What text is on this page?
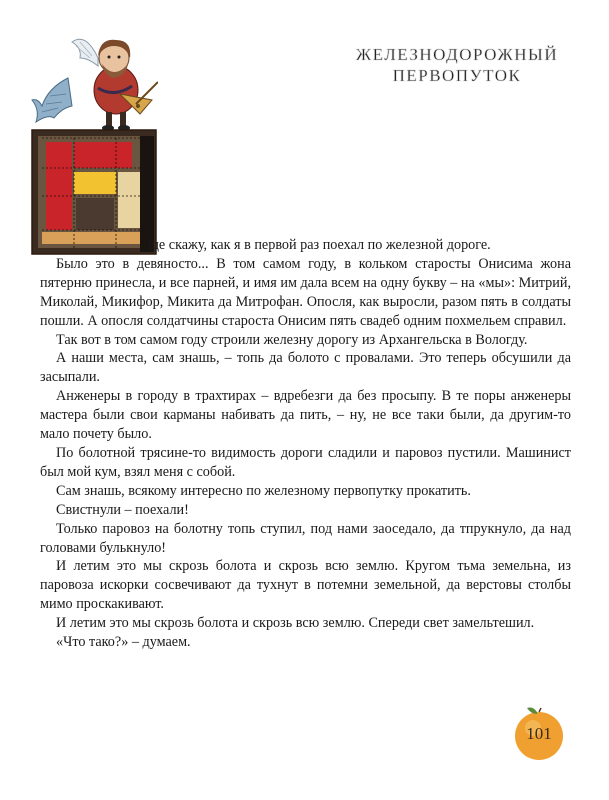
ЖЕЛЕЗНОДОРОЖНЫЙ
ПЕРВОПУТОК

ще скажу, как я в первой раз поехал по железной дороге.

Было это в девяносто... В том самом году, в кольком старосты Онисима жона пятерню принесла, и все парней, и имя им дала всем на одну букву – на «мы»: Митрий, Миколай, Микифор, Микита да Митрофан. Опосля, как выросли, разом пять в солдаты пошли. А опосля солдатчины староста Онисим пять свадеб одним похмельем справил.

Так вот в том самом году строили железну дорогу из Архангельска в Вологду.

А наши места, сам знашь, – топь да болото с провалами. Это теперь обсушили да засыпали.

Анженеры в городу в трахтирах – вдребезги да без просыпу. В те поры анженеры мастера были свои карманы набивать да пить, – ну, не все таки были, да другим-то мало почету было.

По болотной трясине-то видимость дороги сладили и паровоз пустили. Машинист был мой кум, взял меня с собой.

Сам знашь, всякому интересно по железному первопутку прокатить.

Свистнули – поехали!

Только паровоз на болотну топь ступил, под нами заоседало, да тпрукнуло, да над головами булькнуло!

И летим это мы скрозь болота и скрозь всю землю. Кругом тьма земельна, из паровоза искорки сосвечивают да тухнут в потемни земельной, да верстовы столбы мимо проскакивают.

И летим это мы скрозь болота и скрозь всю землю. Спереди свет замельтешил.

«Что тако?» – думаем.

101
